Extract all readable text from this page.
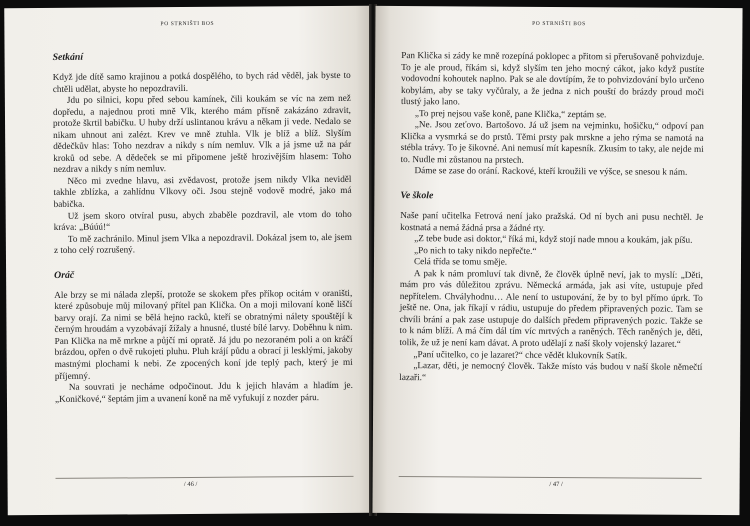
PO STRNIŠTI BOS
Setkání

Když jde dítě samo krajinou a potká dospělého, to bych rád věděl, jak byste to chtěli udělat, abyste ho nepozdravili.

Jdu po silnici, kopu před sebou kamínek, čili koukám se víc na zem než dopředu, a najednou proti mně Vlk, kterého mám přísně zakázáno zdravit, protože škrtil babičku. U huby drží uslintanou krávu a někam ji vede. Nedalo se nikam uhnout ani zalézt. Krev ve mně ztuhla. Vlk je blíž a blíž. Slyším dědečkův hlas: Toho nezdrav a nikdy s ním nemluv. Vlk a já jsme už na pár kroků od sebe. A dědeček se mi připomene ještě hrozivějším hlasem: Toho nezdrav a nikdy s ním nemluv.

Něco mi zvedne hlavu, asi zvědavost, protože jsem nikdy Vlka neviděl takhle zblízka, a zahlídnu Vlkovy oči. Jsou stejně vodově modré, jako má babička.

Už jsem skoro otvíral pusu, abych zbaběle pozdravil, ale vtom do toho kráva: „Búúú!“

To mě zachránilo. Minul jsem Vlka a nepozdravil. Dokázal jsem to, ale jsem z toho celý rozrušený.

Oráč

Ale brzy se mi nálada zlepší, protože se skokem přes příkop ocitám v oraništi, které způsobuje můj milovaný přítel pan Klička. On a moji milovaní koně liščí barvy orají. Za nimi se bělá hejno racků, kteří se obratnými nálety spouštějí k černým hroudám a vyzobávají žížaly a hnusné, tlusté bílé larvy. Doběhnu k nim. Pan Klička na mě mrkne a půjčí mi opratě. Já jdu po nezoraném poli a on kráčí brázdou, opřen o dvě rukojeti pluhu. Pluh krájí půdu a obrací ji lesklými, jakoby mastnými plochami k nebi. Ze zpocených koní jde teplý pach, který je mi příjemný.

Na souvrati je necháme odpočinout. Jdu k jejich hlavám a hladím je. „Koničkové,“ šeptám jim a uvanení koně na mě vyfukují z nozder páru.

/ 46 /
PO STRNIŠTI BOS

Pan Klička si zády ke mně rozepíná poklopec a přitom si přerušovaně pohvizduje. To je ale proud, říkám si, když slyším ten jeho mocný cákot, jako když pustíte vodovodní kohoutek naplno. Pak se ale dovtípím, že to pohvizdování bylo určeno kobylám, aby se taky vyčůraly, a že jedna z nich pouští do brázdy proud moči tlustý jako lano.

„To prej nejsou vaše koně, pane Klička,“ zeptám se.

„Ne. Jsou zeťovo. Bartošovo. Já už jsem na vejminku, hošičku,“ odpoví pan Klička a vysmrká se do prstů. Těmi prsty pak mrskne a jeho rýma se namotá na stébla trávy. To je šikovné. Ani nemusí mít kapesník. Zkusím to taky, ale nejde mi to. Nudle mi zůstanou na prstech.

Dáme se zase do orání. Rackové, kteří kroužili ve výšce, se snesou k nám.

Ve škole

Naše paní učitelka Fetrová není jako pražská. Od ní bych ani pusu nechtěl. Je kostnatá a nemá žádná prsa a žádné rty.

„Z tebe bude asi doktor,“ říká mi, když stojí nade mnou a koukám, jak píšu.

„Po nich to taky nikdo nepřečte.“

Celá třída se tomu směje.

A pak k nám promluví tak divně, že člověk úplně neví, jak to myslí: „Děti, mám pro vás důležitou zprávu. Německá armáda, jak asi víte, ustupuje před nepřítelem. Chvályhodnu… Ale není to ustupování, že by to byl přímo úprk. To ještě ne. Ona, jak říkají v rádiu, ustupuje do předem připravených pozic. Tam se chvíli brání a pak zase ustupuje do dalších předem připravených pozic. Takže se to k nám blíží. A má čím dál tím víc mrtvých a raněných. Těch raněných je, děti, tolik, že už je není kam dávat. A proto udělají z naší školy vojenský lazaret.“

„Paní učitelko, co je lazaret?“ chce vědět klukovník Satík.

„Lazar, děti, je nemocný člověk. Takže místo vás budou v naší škole němečtí lazaři.“

/ 47 /
